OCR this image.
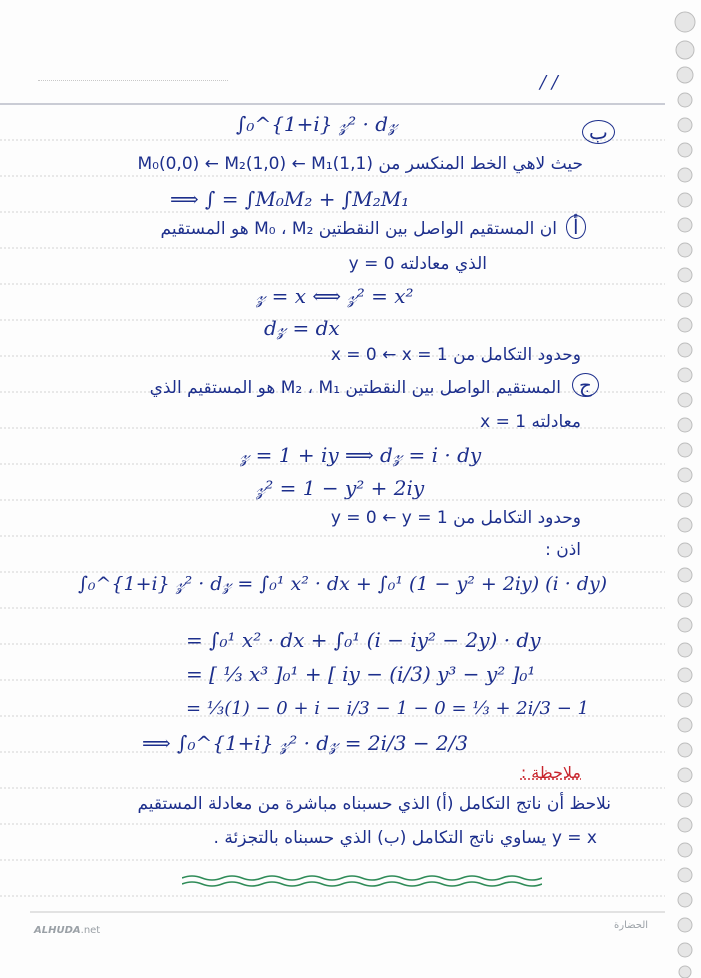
/ /
∫₀^{1+i} 𝓏² · d𝓏	ب
حيث لاهي الخط المنكسر من M₀(0,0) ← M₂(1,0) ← M₁(1,1)
⟹ ∫ = ∫M₀M₂ + ∫M₂M₁
أ
ان المستقيم الواصل بين النقطتين M₀ ، M₂ هو المستقيم
الذي معادلته y = 0
𝓏 = x ⟺ 𝓏² = x²
d𝓏 = dx
وحدود التكامل من x = 0 ← x = 1
ج
المستقيم الواصل بين النقطتين M₂ ، M₁ هو المستقيم الذي
معادلته x = 1
𝓏 = 1 + iy ⟹ d𝓏 = i · dy
𝓏² = 1 − y² + 2iy
وحدود التكامل من y = 0 ← y = 1
اذن :
∫₀^{1+i} 𝓏² · d𝓏 = ∫₀¹ x² · dx + ∫₀¹ (1 − y² + 2iy) (i · dy)
= ∫₀¹ x² · dx + ∫₀¹ (i − iy² − 2y) · dy
= [ ⅓ x³ ]₀¹ + [ iy − (i/3) y³ − y² ]₀¹
= ⅓(1) − 0 + i − i/3 − 1 − 0 = ⅓ + 2i/3 − 1
⟹ ∫₀^{1+i} 𝓏² · d𝓏 = 2i/3 − 2/3
ملاحظة :
نلاحظ أن ناتج التكامل (أ) الذي حسبناه مباشرة من معادلة المستقيم
y = x يساوي ناتج التكامل (ب) الذي حسبناه بالتجزئة .
ALHUDA.net	الحضارة
